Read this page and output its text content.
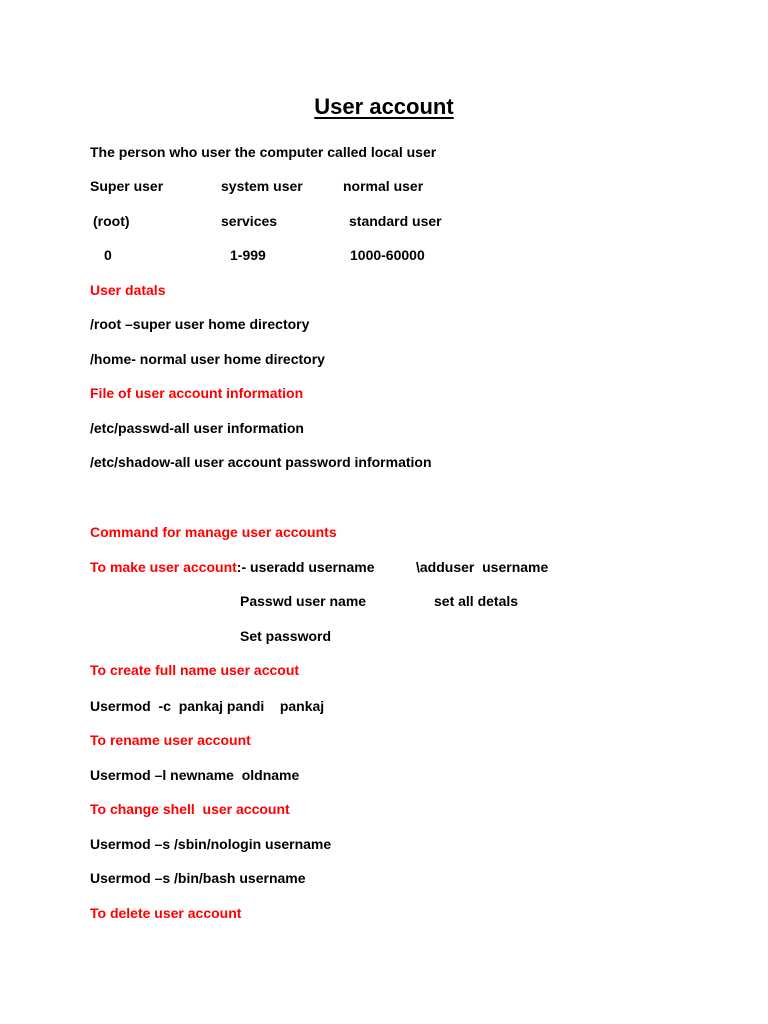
User account
The person who user the computer called local user
Super user	system user	normal user
(root)	services	standard user
0	1-999	1000-60000
User datals
/root –super user home directory
/home- normal user home directory
File of user account information
/etc/passwd-all user information
/etc/shadow-all user account password information
Command for manage user accounts
To make user account:- useradd username	\adduser  username
Passwd user name	set all detals
Set password
To create full name user accout
Usermod  -c  pankaj pandi    pankaj
To rename user account
Usermod –l newname  oldname
To change shell  user account
Usermod –s /sbin/nologin username
Usermod –s /bin/bash username
To delete user account
